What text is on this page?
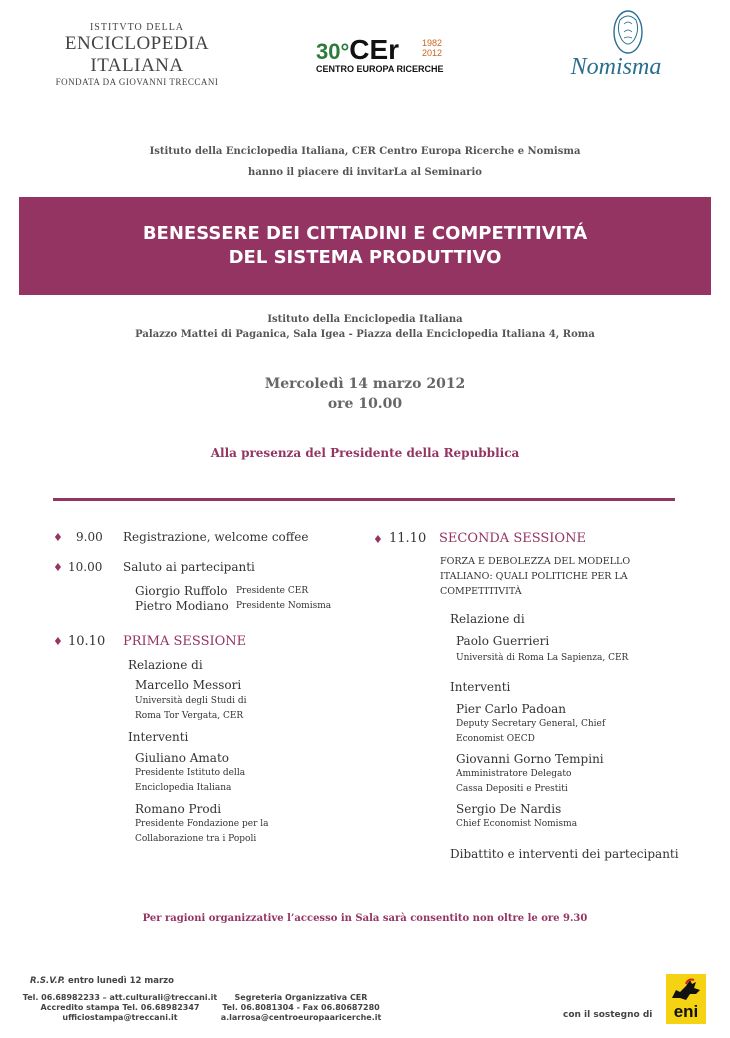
ISTITVTO DELLA
ENCICLOPEDIA ITALIANA
FONDATA DA GIOVANNI TRECCANI
30°CEr	1982
2012
CENTRO EUROPA RICERCHE	Nomisma
Istituto della Enciclopedia Italiana, CER Centro Europa Ricerche e Nomisma
hanno il piacere di invitarLa al Seminario
BENESSERE DEI CITTADINI E COMPETITIVITÁ
DEL SISTEMA PRODUTTIVO
Istituto della Enciclopedia Italiana
Palazzo Mattei di Paganica, Sala Igea - Piazza della Enciclopedia Italiana 4, Roma
Mercoledì 14 marzo 2012
ore 10.00
Alla presenza del Presidente della Repubblica
♦ 9.00 Registrazione, welcome coffee
♦ 10.00 Saluto ai partecipanti
Giorgio Ruffolo Presidente CER
Pietro Modiano Presidente Nomisma
♦ 10.10 PRIMA SESSIONE
Relazione di
Marcello Messori
Università degli Studi di
Roma Tor Vergata, CER
Interventi
Giuliano Amato
Presidente Istituto della
Enciclopedia Italiana
Romano Prodi
Presidente Fondazione per la
Collaborazione tra i Popoli
♦ 11.10 SECONDA SESSIONE
FORZA E DEBOLEZZA DEL MODELLO
ITALIANO: QUALI POLITICHE PER LA
COMPETITIVITÀ
Relazione di
Paolo Guerrieri
Università di Roma La Sapienza, CER
Interventi
Pier Carlo Padoan
Deputy Secretary General, Chief
Economist OECD
Giovanni Gorno Tempini
Amministratore Delegato
Cassa Depositi e Prestiti
Sergio De Nardis
Chief Economist Nomisma
Dibattito e interventi dei partecipanti
Per ragioni organizzative l’accesso in Sala sarà consentito non oltre le ore 9.30
R.S.V.P. entro lunedì 12 marzo
Tel. 06.68982233 – att.culturali@treccani.it
Accredito stampa Tel. 06.68982347
ufficiostampa@treccani.it
Segreteria Organizzativa CER
Tel. 06.8081304 - Fax 06.80687280
a.larrosa@centroeuropaaricerche.it	con il sostegno di	eni
